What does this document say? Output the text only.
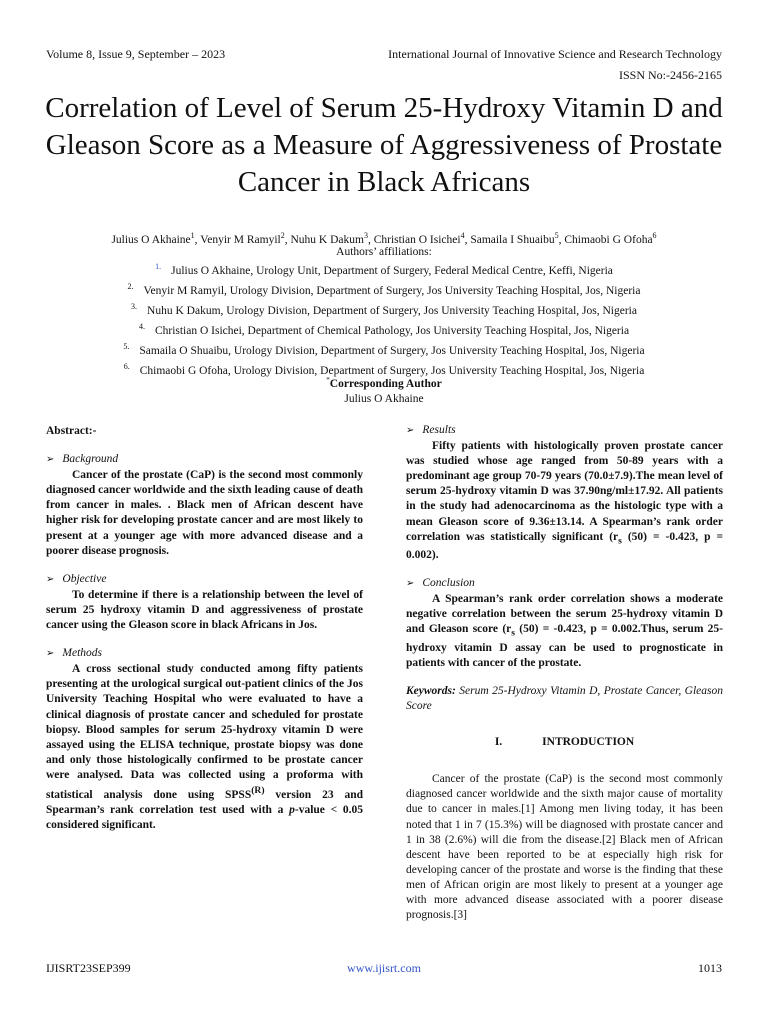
Volume 8, Issue 9, September – 2023	International Journal of Innovative Science and Research Technology
ISSN No:-2456-2165
Correlation of Level of Serum 25-Hydroxy Vitamin D and Gleason Score as a Measure of Aggressiveness of Prostate Cancer in Black Africans
Julius O Akhaine$^1$, Venyir M Ramyil$^2$, Nuhu K Dakum$^3$, Christian O Isichei$^4$, Samaila I Shuaibu$^5$, Chimaobi G Ofoha$^6$
Authors’ affiliations:
$^{1.}$ Julius O Akhaine, Urology Unit, Department of Surgery, Federal Medical Centre, Keffi, Nigeria
$^{2.}$ Venyir M Ramyil, Urology Division, Department of Surgery, Jos University Teaching Hospital, Jos, Nigeria
$^{3.}$ Nuhu K Dakum, Urology Division, Department of Surgery, Jos University Teaching Hospital, Jos, Nigeria
$^{4.}$ Christian O Isichei, Department of Chemical Pathology, Jos University Teaching Hospital, Jos, Nigeria
$^{5.}$ Samaila O Shuaibu, Urology Division, Department of Surgery, Jos University Teaching Hospital, Jos, Nigeria
$^{6.}$ Chimaobi G Ofoha, Urology Division, Department of Surgery, Jos University Teaching Hospital, Jos, Nigeria
*Corresponding Author
Julius O Akhaine
Abstract:-

➢ Background

Cancer of the prostate (CaP) is the second most commonly diagnosed cancer worldwide and the sixth leading cause of death from cancer in males. . Black men of African descent have higher risk for developing prostate cancer and are most likely to present at a younger age with more advanced disease and a poorer disease prognosis.

➢ Objective

To determine if there is a relationship between the level of serum 25 hydroxy vitamin D and aggressiveness of prostate cancer using the Gleason score in black Africans in Jos.

➢ Methods

A cross sectional study conducted among fifty patients presenting at the urological surgical out-patient clinics of the Jos University Teaching Hospital who were evaluated to have a clinical diagnosis of prostate cancer and scheduled for prostate biopsy. Blood samples for serum 25-hydroxy vitamin D were assayed using the ELISA technique, prostate biopsy was done and only those histologically confirmed to be prostate cancer were analysed. Data was collected using a proforma with statistical analysis done using $SPSS^{(R)}$ version 23 and Spearman’s rank correlation test used with a p-value < 0.05 considered significant.

➢ Results

Fifty patients with histologically proven prostate cancer was studied whose age ranged from 50-89 years with a predominant age group 70-79 years (70.0±7.9).The mean level of serum 25-hydroxy vitamin D was 37.90ng/ml±17.92. All patients in the study had adenocarcinoma as the histologic type with a mean Gleason score of 9.36±13.14. A Spearman’s rank order correlation was statistically significant ($r_s$ (50) = -0.423, p = 0.002).

➢ Conclusion

A Spearman’s rank order correlation shows a moderate negative correlation between the serum 25-hydroxy vitamin D and Gleason score ($r_s$ (50) = -0.423, p = 0.002.Thus, serum 25-hydroxy vitamin D assay can be used to prognosticate in patients with cancer of the prostate.

Keywords: Serum 25-Hydroxy Vitamin D, Prostate Cancer, Gleason Score

I.	INTRODUCTION

Cancer of the prostate (CaP) is the second most commonly diagnosed cancer worldwide and the sixth major cause of mortality due to cancer in males.[1] Among men living today, it has been noted that 1 in 7 (15.3%) will be diagnosed with prostate cancer and 1 in 38 (2.6%) will die from the disease.[2] Black men of African descent have been reported to be at especially high risk for developing cancer of the prostate and worse is the finding that these men of African origin are most likely to present at a younger age with more advanced disease associated with a poorer disease prognosis.[3]

IJISRT23SEP399	www.ijisrt.com	1013
